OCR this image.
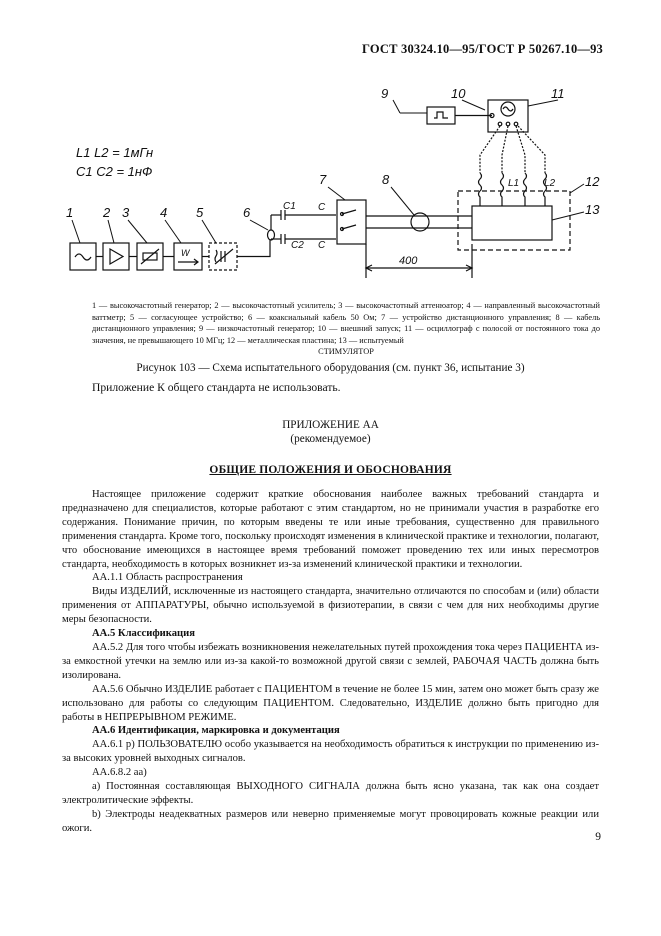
ГОСТ 30324.10—95/ГОСТ Р 50267.10—93
L1 L2 = 1мГн
C1 C2 = 1нФ
W
C1
C2
C
C
400
L1 L2
1 2 3 4 5	6
7	8
9	10	11
12
13
1 — высокочастотный генератор; 2 — высокочастотный усилитель; 3 — высокочастотный аттенюатор; 4 — направленный высокочастотный ваттметр; 5 — согласующее устройство; 6 — коаксиальный кабель 50 Ом; 7 — устройство дистанционного управления; 8 — кабель дистанционного управления; 9 — низкочастотный генератор; 10 — внешний запуск; 11 — осциллограф с полосой от постоянного тока до значения, не превышающего 10 МГц; 12 — металлическая пластина; 13 — испытуемый
СТИМУЛЯТОР
Рисунок 103 — Схема испытательного оборудования (см. пункт 36, испытание 3)
Приложение К общего стандарта не использовать.
ПРИЛОЖЕНИЕ АА
(рекомендуемое)
ОБЩИЕ ПОЛОЖЕНИЯ И ОБОСНОВАНИЯ

Настоящее приложение содержит краткие обоснования наиболее важных требований стандарта и предназначено для специалистов, которые работают с этим стандартом, но не принимали участия в разработке его содержания. Понимание причин, по которым введены те или иные требования, существенно для правильного применения стандарта. Кроме того, поскольку происходят изменения в клинической практике и технологии, полагают, что обоснование имеющихся в настоящее время требований поможет проведению тех или иных пересмотров стандарта, необходимость в которых возникнет из-за изменений клинической практики и технологии.

АА.1.1 Область распространения

Виды ИЗДЕЛИЙ, исключенные из настоящего стандарта, значительно отличаются по способам и (или) области применения от АППАРАТУРЫ, обычно используемой в физиотерапии, в связи с чем для них необходимы другие меры безопасности.

АА.5 Классификация

АА.5.2 Для того чтобы избежать возникновения нежелательных путей прохождения тока через ПАЦИЕНТА из-за емкостной утечки на землю или из-за какой-то возможной другой связи с землей, РАБОЧАЯ ЧАСТЬ должна быть изолирована.

АА.5.6 Обычно ИЗДЕЛИЕ работает с ПАЦИЕНТОМ в течение не более 15 мин, затем оно может быть сразу же использовано для работы со следующим ПАЦИЕНТОМ. Следовательно, ИЗДЕЛИЕ должно быть пригодно для работы в НЕПРЕРЫВНОМ РЕЖИМЕ.

АА.6 Идентификация, маркировка и документация

АА.6.1 р) ПОЛЬЗОВАТЕЛЮ особо указывается на необходимость обратиться к инструкции по применению из-за высоких уровней выходных сигналов.

АА.6.8.2 аа)

а) Постоянная составляющая ВЫХОДНОГО СИГНАЛА должна быть ясно указана, так как она создает электролитические эффекты.

b) Электроды неадекватных размеров или неверно применяемые могут провоцировать кожные реакции или ожоги.

9
